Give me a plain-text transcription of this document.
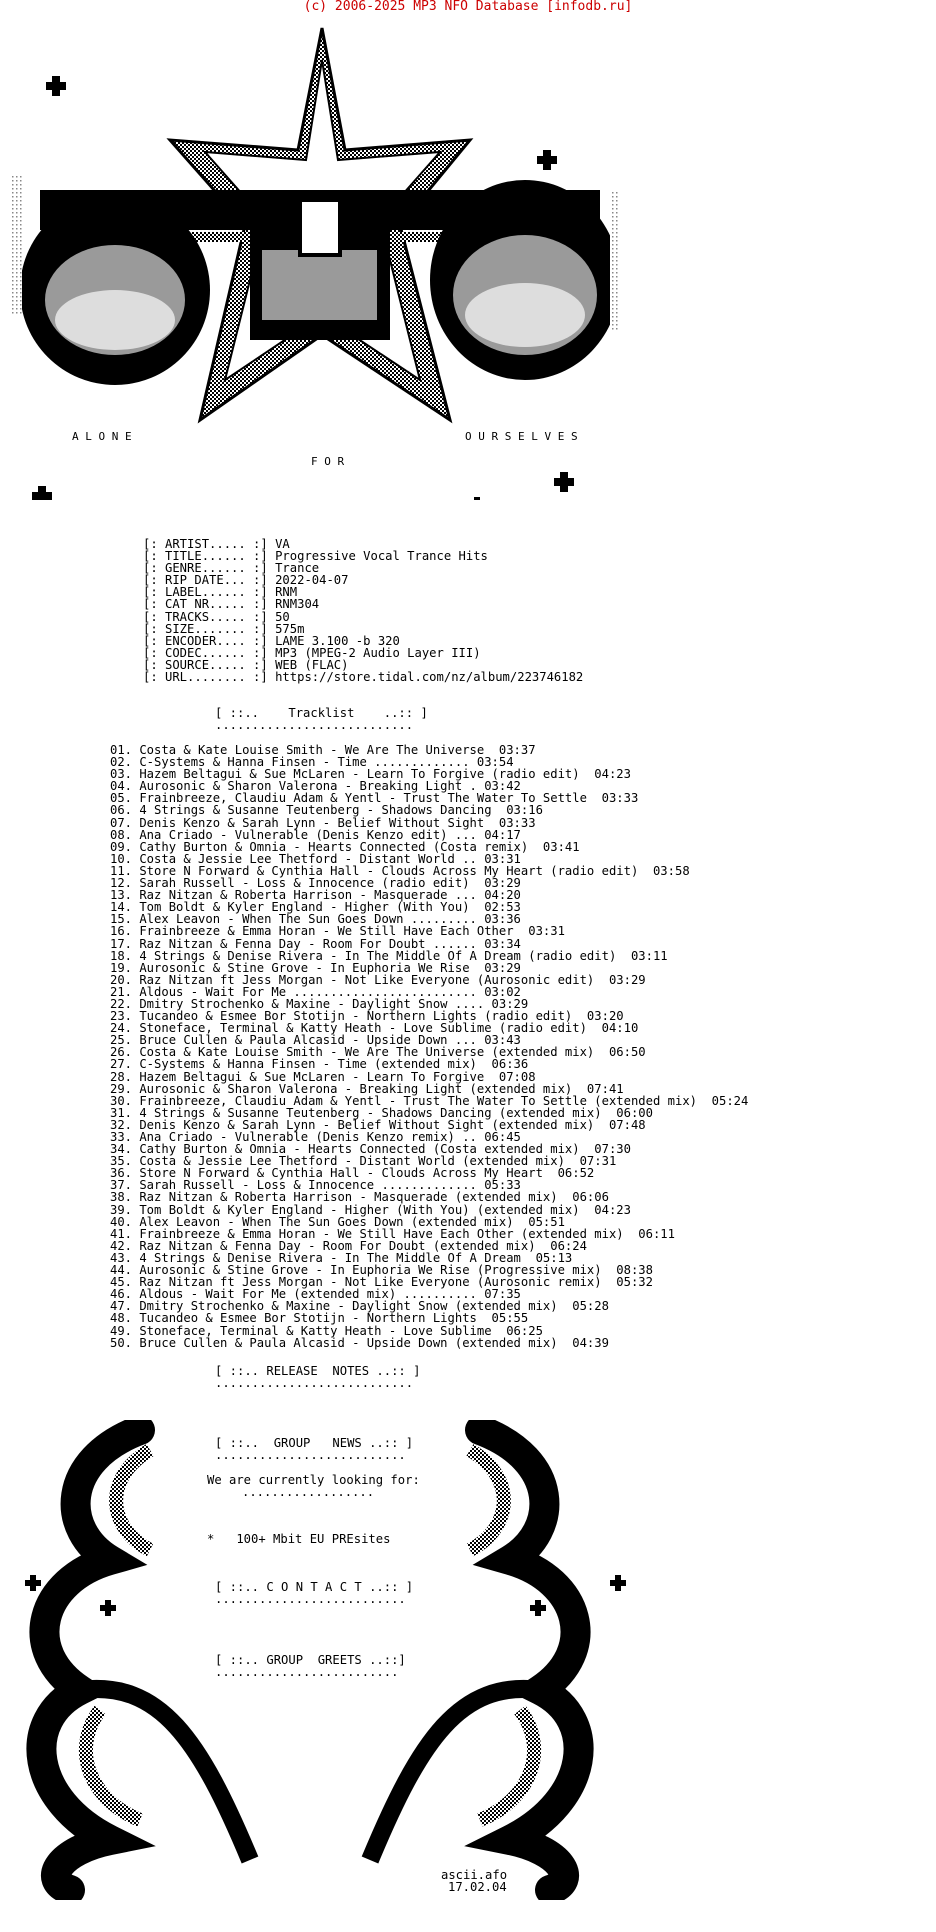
(c) 2006-2025 MP3 NFO Database [infodb.ru]
A L O N E	O U R S E L V E S
F O R
[: ARTIST..... :] VA
[: TITLE...... :] Progressive Vocal Trance Hits
[: GENRE...... :] Trance
[: RIP DATE... :] 2022-04-07
[: LABEL...... :] RNM
[: CAT NR..... :] RNM304
[: TRACKS..... :] 50
[: SIZE....... :] 575m
[: ENCODER.... :] LAME 3.100 -b 320
[: CODEC...... :] MP3 (MPEG-2 Audio Layer III)
[: SOURCE..... :] WEB (FLAC)
[: URL........ :] https://store.tidal.com/nz/album/223746182
[ ::..    Tracklist    ..:: ]
...........................
01. Costa & Kate Louise Smith - We Are The Universe  03:37
02. C-Systems & Hanna Finsen - Time ............. 03:54
03. Hazem Beltagui & Sue McLaren - Learn To Forgive (radio edit)  04:23
04. Aurosonic & Sharon Valerona - Breaking Light . 03:42
05. Frainbreeze, Claudiu Adam & Yentl - Trust The Water To Settle  03:33
06. 4 Strings & Susanne Teutenberg - Shadows Dancing  03:16
07. Denis Kenzo & Sarah Lynn - Belief Without Sight  03:33
08. Ana Criado - Vulnerable (Denis Kenzo edit) ... 04:17
09. Cathy Burton & Omnia - Hearts Connected (Costa remix)  03:41
10. Costa & Jessie Lee Thetford - Distant World .. 03:31
11. Store N Forward & Cynthia Hall - Clouds Across My Heart (radio edit)  03:58
12. Sarah Russell - Loss & Innocence (radio edit)  03:29
13. Raz Nitzan & Roberta Harrison - Masquerade ... 04:20
14. Tom Boldt & Kyler England - Higher (With You)  02:53
15. Alex Leavon - When The Sun Goes Down ......... 03:36
16. Frainbreeze & Emma Horan - We Still Have Each Other  03:31
17. Raz Nitzan & Fenna Day - Room For Doubt ...... 03:34
18. 4 Strings & Denise Rivera - In The Middle Of A Dream (radio edit)  03:11
19. Aurosonic & Stine Grove - In Euphoria We Rise  03:29
20. Raz Nitzan ft Jess Morgan - Not Like Everyone (Aurosonic edit)  03:29
21. Aldous - Wait For Me ......................... 03:02
22. Dmitry Strochenko & Maxine - Daylight Snow .... 03:29
23. Tucandeo & Esmee Bor Stotijn - Northern Lights (radio edit)  03:20
24. Stoneface, Terminal & Katty Heath - Love Sublime (radio edit)  04:10
25. Bruce Cullen & Paula Alcasid - Upside Down ... 03:43
26. Costa & Kate Louise Smith - We Are The Universe (extended mix)  06:50
27. C-Systems & Hanna Finsen - Time (extended mix)  06:36
28. Hazem Beltagui & Sue McLaren - Learn To Forgive  07:08
29. Aurosonic & Sharon Valerona - Breaking Light (extended mix)  07:41
30. Frainbreeze, Claudiu Adam & Yentl - Trust The Water To Settle (extended mix)  05:24
31. 4 Strings & Susanne Teutenberg - Shadows Dancing (extended mix)  06:00
32. Denis Kenzo & Sarah Lynn - Belief Without Sight (extended mix)  07:48
33. Ana Criado - Vulnerable (Denis Kenzo remix) .. 06:45
34. Cathy Burton & Omnia - Hearts Connected (Costa extended mix)  07:30
35. Costa & Jessie Lee Thetford - Distant World (extended mix)  07:31
36. Store N Forward & Cynthia Hall - Clouds Across My Heart  06:52
37. Sarah Russell - Loss & Innocence ............. 05:33
38. Raz Nitzan & Roberta Harrison - Masquerade (extended mix)  06:06
39. Tom Boldt & Kyler England - Higher (With You) (extended mix)  04:23
40. Alex Leavon - When The Sun Goes Down (extended mix)  05:51
41. Frainbreeze & Emma Horan - We Still Have Each Other (extended mix)  06:11
42. Raz Nitzan & Fenna Day - Room For Doubt (extended mix)  06:24
43. 4 Strings & Denise Rivera - In The Middle Of A Dream  05:13
44. Aurosonic & Stine Grove - In Euphoria We Rise (Progressive mix)  08:38
45. Raz Nitzan ft Jess Morgan - Not Like Everyone (Aurosonic remix)  05:32
46. Aldous - Wait For Me (extended mix) .......... 07:35
47. Dmitry Strochenko & Maxine - Daylight Snow (extended mix)  05:28
48. Tucandeo & Esmee Bor Stotijn - Northern Lights  05:55
49. Stoneface, Terminal & Katty Heath - Love Sublime  06:25
50. Bruce Cullen & Paula Alcasid - Upside Down (extended mix)  04:39
[ ::.. RELEASE  NOTES ..:: ]
...........................
[ ::..  GROUP   NEWS ..:: ]
..........................
We are currently looking for:
..................
*   100+ Mbit EU PREsites
[ ::.. C O N T A C T ..:: ]
..........................
[ ::.. GROUP  GREETS ..::]
.........................
ascii.afo
17.02.04
